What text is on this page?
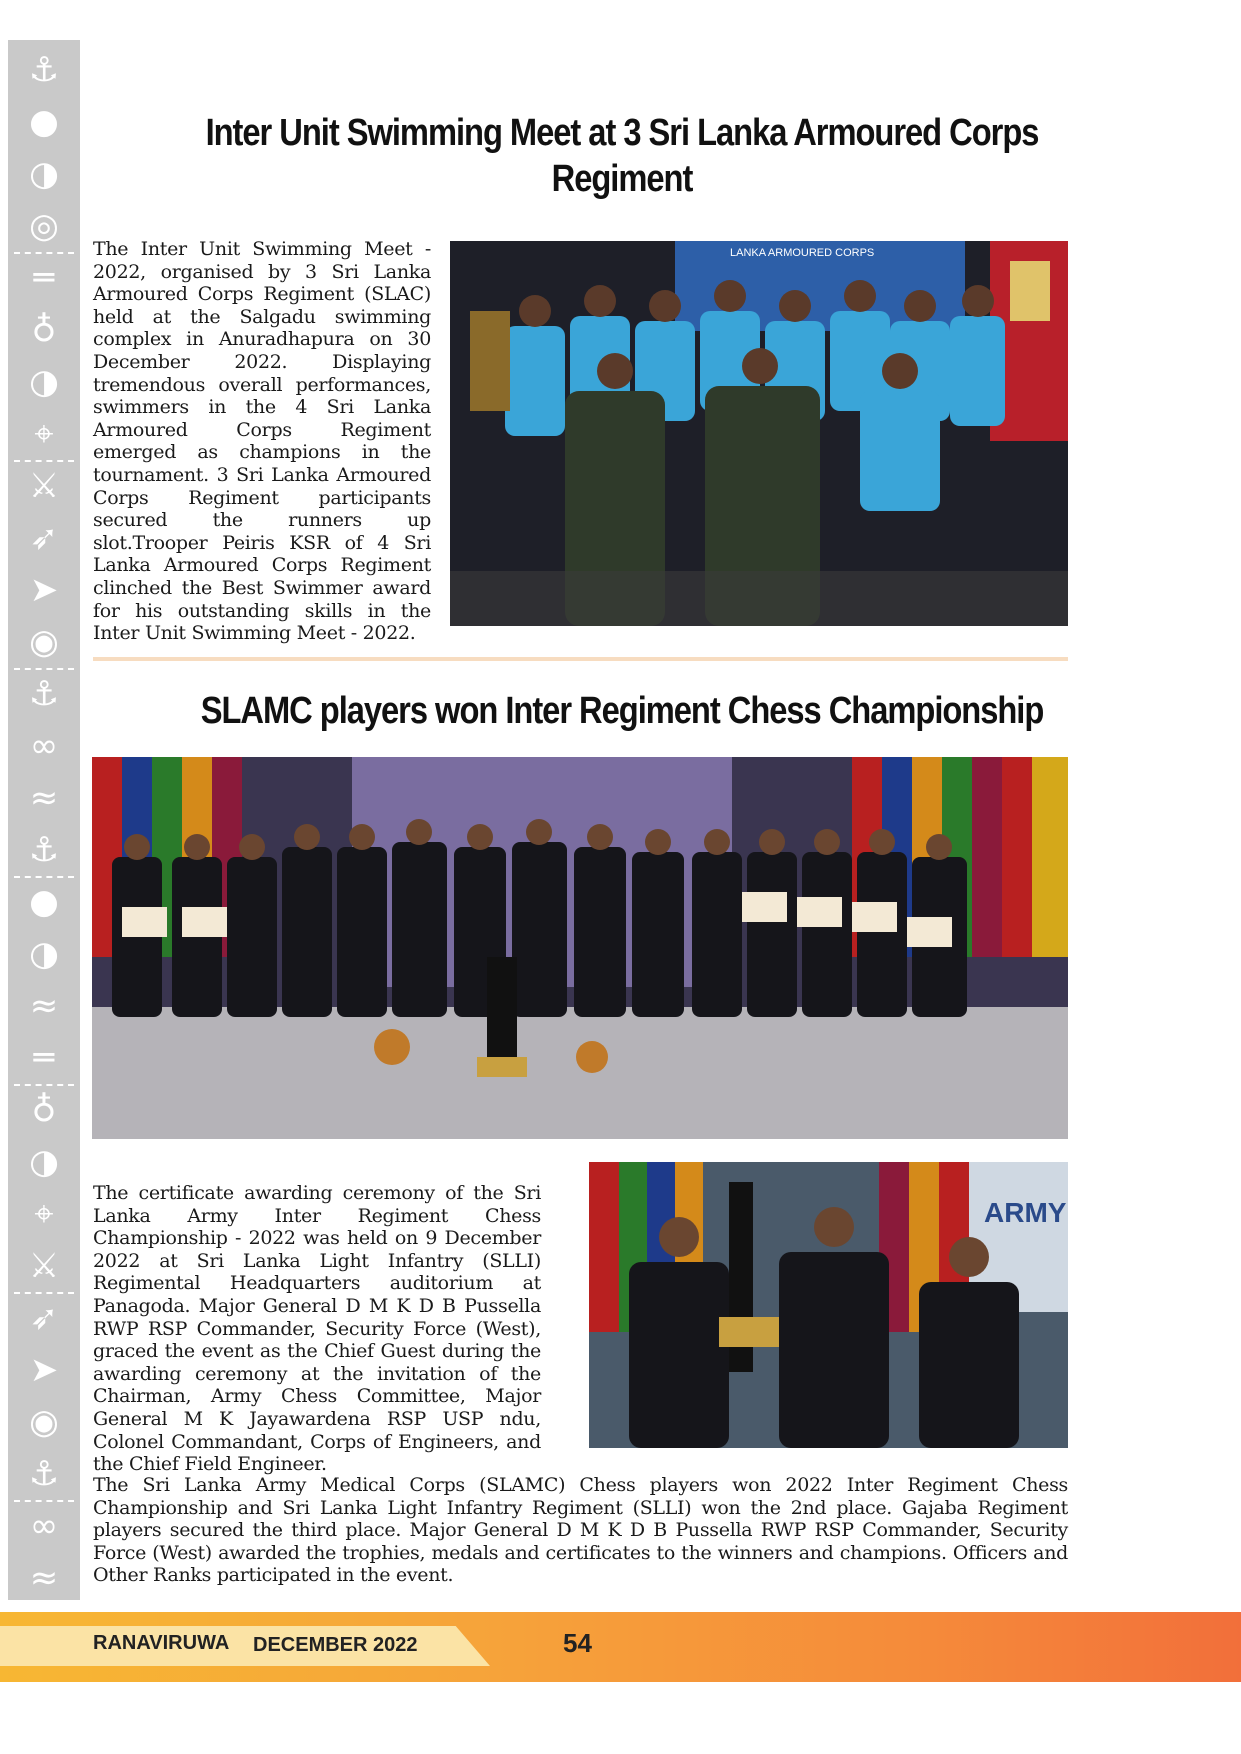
⚓
●
◑
◎
═
♁
◑
⌖
⚔
➶
➤
◉
⚓
∞
≈
⚓
●
◑
≈
═
♁
◑
⌖
⚔
➶
➤
◉
⚓
∞
≈
Inter Unit Swimming Meet at 3 Sri Lanka Armoured Corps Regiment

The Inter Unit Swimming Meet - 2022, organised by 3 Sri Lanka Armoured Corps Regiment (SLAC) held at the Salgadu swimming complex in Anuradhapura on 30 December 2022. Displaying tremendous overall performances, swimmers in the 4 Sri Lanka Armoured Corps Regiment emerged as champions in the tournament. 3 Sri Lanka Armoured Corps Regiment participants secured the runners up slot.Trooper Peiris KSR of 4 Sri Lanka Armoured Corps Regiment clinched the Best Swimmer award for his outstanding skills in the Inter Unit Swimming Meet - 2022.

LANKA ARMOURED CORPS
SLAMC players won Inter Regiment Chess Championship

The certificate awarding ceremony of the Sri Lanka Army Inter Regiment Chess Championship - 2022 was held on 9 December 2022 at Sri Lanka Light Infantry (SLLI) Regimental Headquarters auditorium at Panagoda. Major General D M K D B Pussella RWP RSP Commander, Security Force (West), graced the event as the Chief Guest during the awarding ceremony at the invitation of the Chairman, Army Chess Committee, Major General M K Jayawardena RSP USP ndu, Colonel Commandant, Corps of Engineers, and the Chief Field Engineer.

ARMY

The Sri Lanka Army Medical Corps (SLAMC) Chess players won 2022 Inter Regiment Chess Championship and Sri Lanka Light Infantry Regiment (SLLI) won the 2nd place. Gajaba Regiment players secured the third place. Major General D M K D B Pussella RWP RSP Commander, Security Force (West) awarded the trophies, medals and certificates to the winners and champions. Officers and Other Ranks participated in the event.

RANAVIRUWA DECEMBER 2022	54
